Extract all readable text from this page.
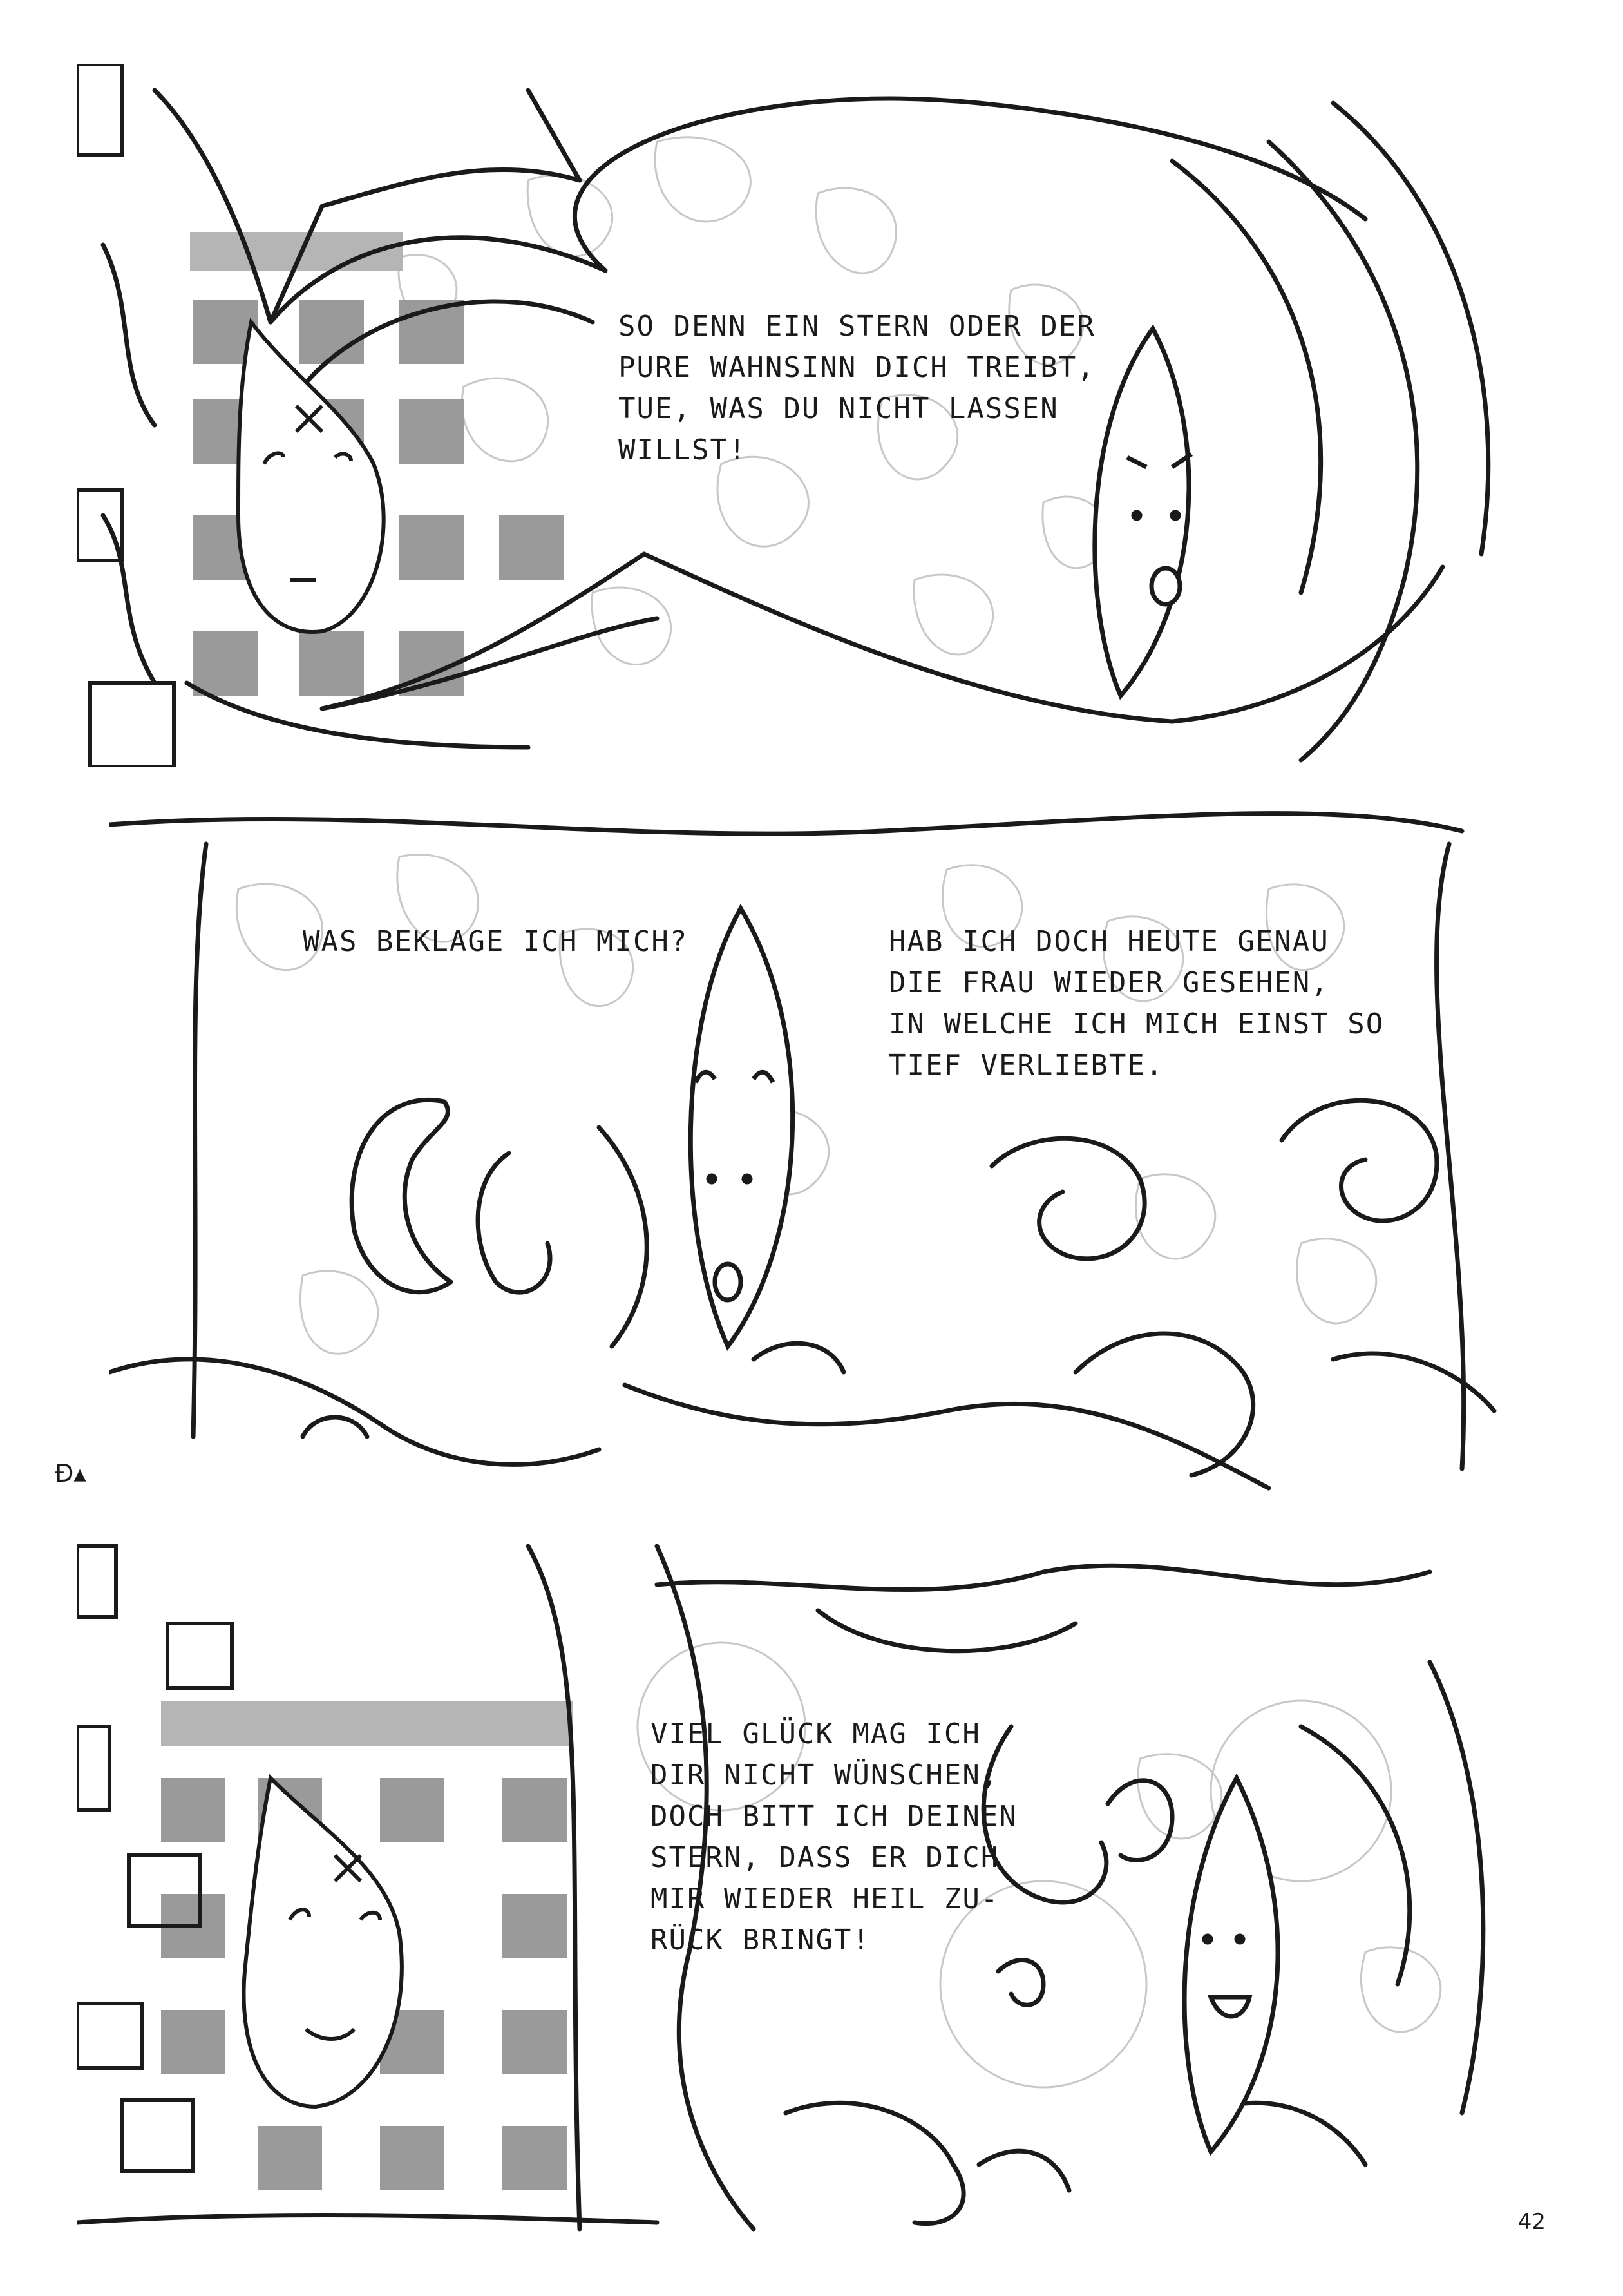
SO DENN EIN STERN ODER DER
PURE WAHNSINN DICH TREIBT,
TUE, WAS DU NICHT LASSEN
WILLST!

WAS BEKLAGE ICH MICH?	HAB ICH DOCH HEUTE GENAU
DIE FRAU WIEDER GESEHEN,
IN WELCHE ICH MICH EINST SO
TIEF VERLIEBTE.

Đ▴

VIEL GLÜCK MAG ICH
DIR NICHT WÜNSCHEN,
DOCH BITT ICH DEINEN
STERN, DASS ER DICH
MIR WIEDER HEIL ZU-
RÜCK BRINGT!

42
